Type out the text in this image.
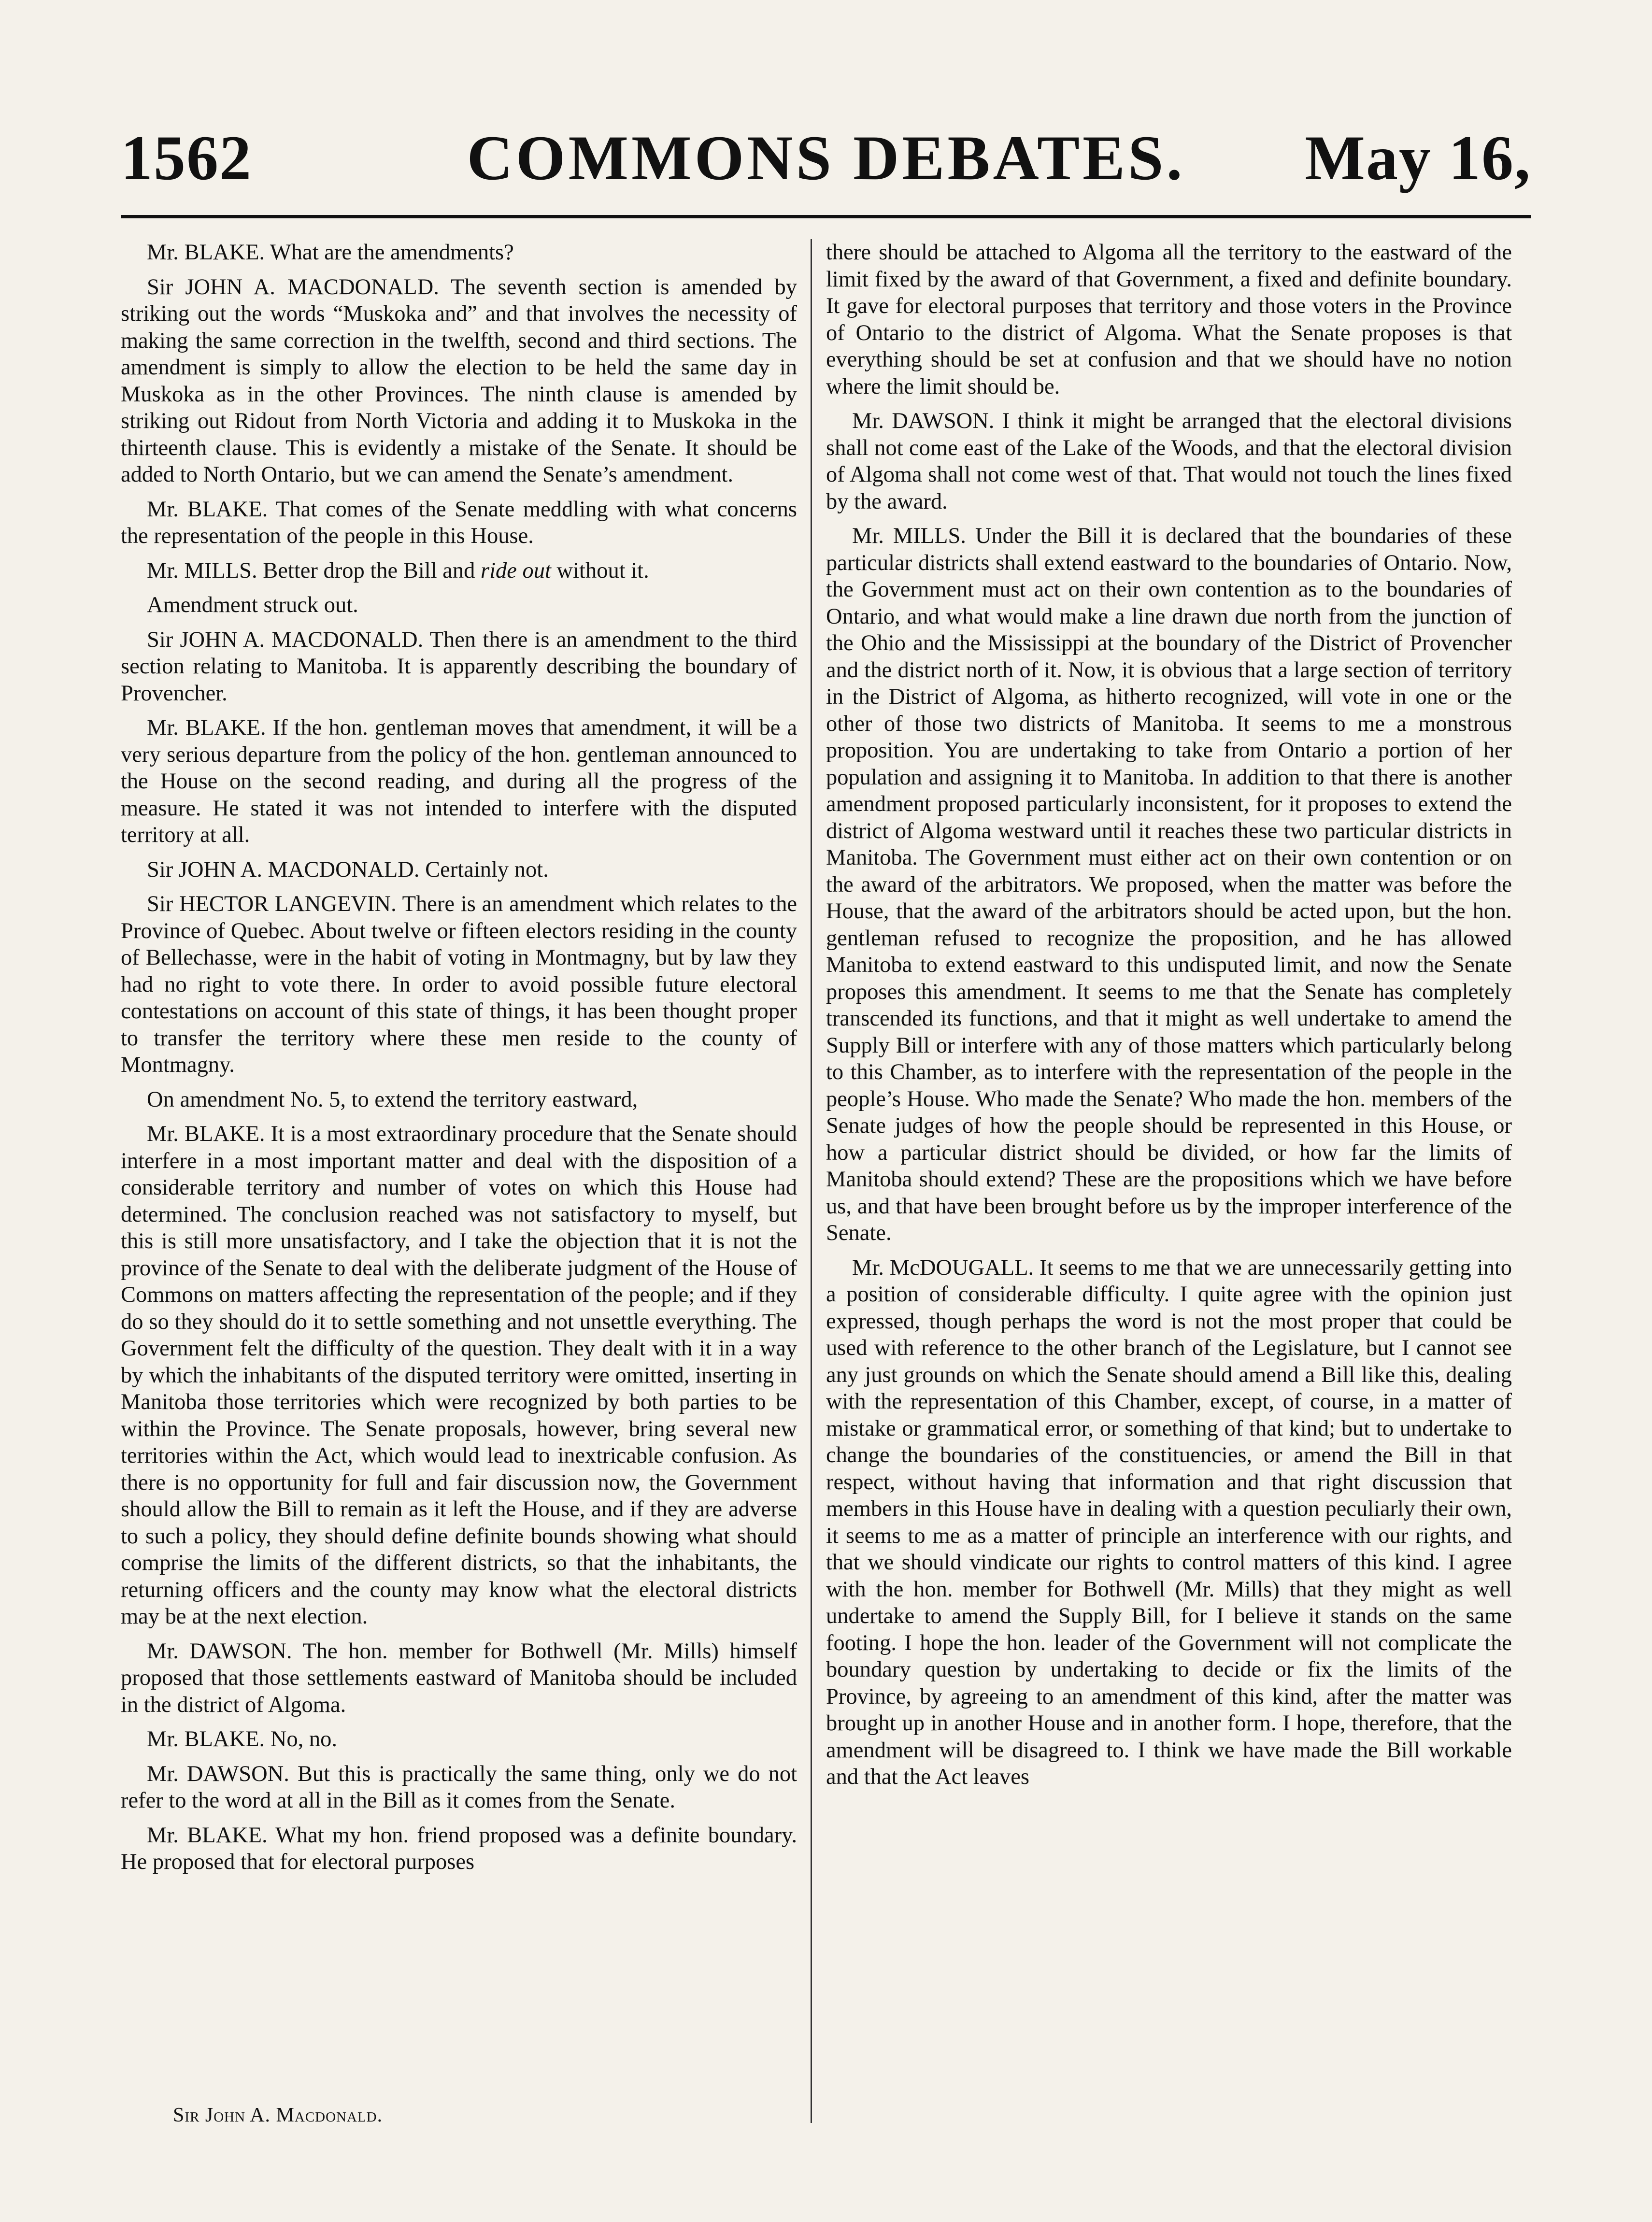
1562	COMMONS DEBATES.	May 16,

Mr. BLAKE. What are the amendments?

Sir JOHN A. MACDONALD. The seventh section is amended by striking out the words “Muskoka and” and that involves the necessity of making the same correction in the twelfth, second and third sections. The amendment is simply to allow the election to be held the same day in Muskoka as in the other Provinces. The ninth clause is amended by striking out Ridout from North Victoria and adding it to Muskoka in the thirteenth clause. This is evidently a mistake of the Senate. It should be added to North Ontario, but we can amend the Senate’s amendment.

Mr. BLAKE. That comes of the Senate meddling with what concerns the representation of the people in this House.

Mr. MILLS. Better drop the Bill and ride out without it.

Amendment struck out.

Sir JOHN A. MACDONALD. Then there is an amendment to the third section relating to Manitoba. It is apparently describing the boundary of Provencher.

Mr. BLAKE. If the hon. gentleman moves that amendment, it will be a very serious departure from the policy of the hon. gentleman announced to the House on the second reading, and during all the progress of the measure. He stated it was not intended to interfere with the disputed territory at all.

Sir JOHN A. MACDONALD. Certainly not.

Sir HECTOR LANGEVIN. There is an amendment which relates to the Province of Quebec. About twelve or fifteen electors residing in the county of Bellechasse, were in the habit of voting in Montmagny, but by law they had no right to vote there. In order to avoid possible future electoral contestations on account of this state of things, it has been thought proper to transfer the territory where these men reside to the county of Montmagny.

On amendment No. 5, to extend the territory eastward,

Mr. BLAKE. It is a most extraordinary procedure that the Senate should interfere in a most important matter and deal with the disposition of a considerable territory and number of votes on which this House had determined. The conclusion reached was not satisfactory to myself, but this is still more unsatisfactory, and I take the objection that it is not the province of the Senate to deal with the deliberate judgment of the House of Commons on matters affecting the representation of the people; and if they do so they should do it to settle something and not unsettle everything. The Government felt the difficulty of the question. They dealt with it in a way by which the inhabitants of the disputed territory were omitted, inserting in Manitoba those territories which were recognized by both parties to be within the Province. The Senate proposals, however, bring several new territories within the Act, which would lead to inextricable confusion. As there is no opportunity for full and fair discussion now, the Government should allow the Bill to remain as it left the House, and if they are adverse to such a policy, they should define definite bounds showing what should comprise the limits of the different districts, so that the inhabitants, the returning officers and the county may know what the electoral districts may be at the next election.

Mr. DAWSON. The hon. member for Bothwell (Mr. Mills) himself proposed that those settlements eastward of Manitoba should be included in the district of Algoma.

Mr. BLAKE. No, no.

Mr. DAWSON. But this is practically the same thing, only we do not refer to the word at all in the Bill as it comes from the Senate.

Mr. BLAKE. What my hon. friend proposed was a definite boundary. He proposed that for electoral purposes

there should be attached to Algoma all the territory to the eastward of the limit fixed by the award of that Government, a fixed and definite boundary. It gave for electoral purposes that territory and those voters in the Province of Ontario to the district of Algoma. What the Senate proposes is that everything should be set at confusion and that we should have no notion where the limit should be.

Mr. DAWSON. I think it might be arranged that the electoral divisions shall not come east of the Lake of the Woods, and that the electoral division of Algoma shall not come west of that. That would not touch the lines fixed by the award.

Mr. MILLS. Under the Bill it is declared that the boundaries of these particular districts shall extend eastward to the boundaries of Ontario. Now, the Government must act on their own contention as to the boundaries of Ontario, and what would make a line drawn due north from the junction of the Ohio and the Mississippi at the boundary of the District of Provencher and the district north of it. Now, it is obvious that a large section of territory in the District of Algoma, as hitherto recognized, will vote in one or the other of those two districts of Manitoba. It seems to me a monstrous proposition. You are undertaking to take from Ontario a portion of her population and assigning it to Manitoba. In addition to that there is another amendment proposed particularly inconsistent, for it proposes to extend the district of Algoma westward until it reaches these two particular districts in Manitoba. The Government must either act on their own contention or on the award of the arbitrators. We proposed, when the matter was before the House, that the award of the arbitrators should be acted upon, but the hon. gentleman refused to recognize the proposition, and he has allowed Manitoba to extend eastward to this undisputed limit, and now the Senate proposes this amendment. It seems to me that the Senate has completely transcended its functions, and that it might as well undertake to amend the Supply Bill or interfere with any of those matters which particularly belong to this Chamber, as to interfere with the representation of the people in the people’s House. Who made the Senate? Who made the hon. members of the Senate judges of how the people should be represented in this House, or how a particular district should be divided, or how far the limits of Manitoba should extend? These are the propositions which we have before us, and that have been brought before us by the improper interference of the Senate.

Mr. McDOUGALL. It seems to me that we are unnecessarily getting into a position of considerable difficulty. I quite agree with the opinion just expressed, though perhaps the word is not the most proper that could be used with reference to the other branch of the Legislature, but I cannot see any just grounds on which the Senate should amend a Bill like this, dealing with the representation of this Chamber, except, of course, in a matter of mistake or grammatical error, or something of that kind; but to undertake to change the boundaries of the constituencies, or amend the Bill in that respect, without having that information and that right discussion that members in this House have in dealing with a question peculiarly their own, it seems to me as a matter of principle an interference with our rights, and that we should vindicate our rights to control matters of this kind. I agree with the hon. member for Bothwell (Mr. Mills) that they might as well undertake to amend the Supply Bill, for I believe it stands on the same footing. I hope the hon. leader of the Government will not complicate the boundary question by undertaking to decide or fix the limits of the Province, by agreeing to an amendment of this kind, after the matter was brought up in another House and in another form. I hope, therefore, that the amendment will be disagreed to. I think we have made the Bill workable and that the Act leaves

Sir John A. Macdonald.
